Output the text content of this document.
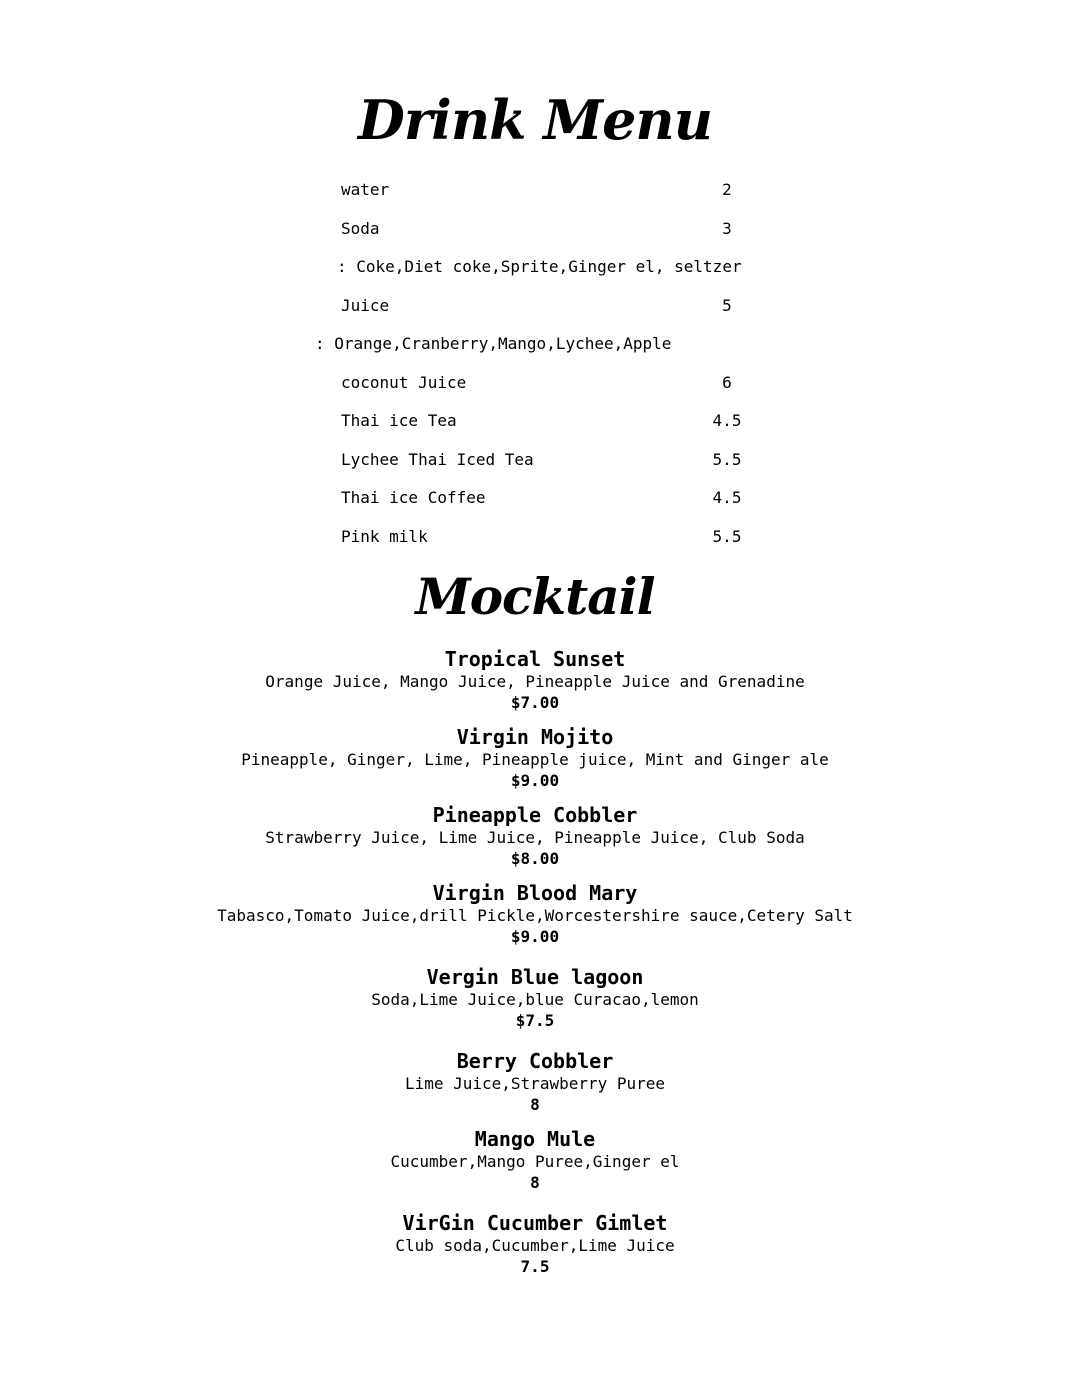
Drink Menu
water	2
Soda	3
: Coke,Diet coke,Sprite,Ginger el, seltzer
Juice	5
: Orange,Cranberry,Mango,Lychee,Apple
coconut Juice	6
Thai ice Tea	4.5
Lychee Thai Iced Tea	5.5
Thai ice Coffee	4.5
Pink milk	5.5
Mocktail
Tropical Sunset
Orange Juice, Mango Juice, Pineapple Juice and Grenadine
$7.00
Virgin Mojito
Pineapple, Ginger, Lime, Pineapple juice, Mint and Ginger ale
$9.00
Pineapple Cobbler
Strawberry Juice, Lime Juice, Pineapple Juice, Club Soda
$8.00
Virgin Blood Mary
Tabasco,Tomato Juice,drill Pickle,Worcestershire sauce,Cetery Salt
$9.00
Vergin Blue lagoon
Soda,Lime Juice,blue Curacao,lemon
$7.5
Berry Cobbler
Lime Juice,Strawberry Puree
8
Mango Mule
Cucumber,Mango Puree,Ginger el
8
VirGin Cucumber Gimlet
Club soda,Cucumber,Lime Juice
7.5
